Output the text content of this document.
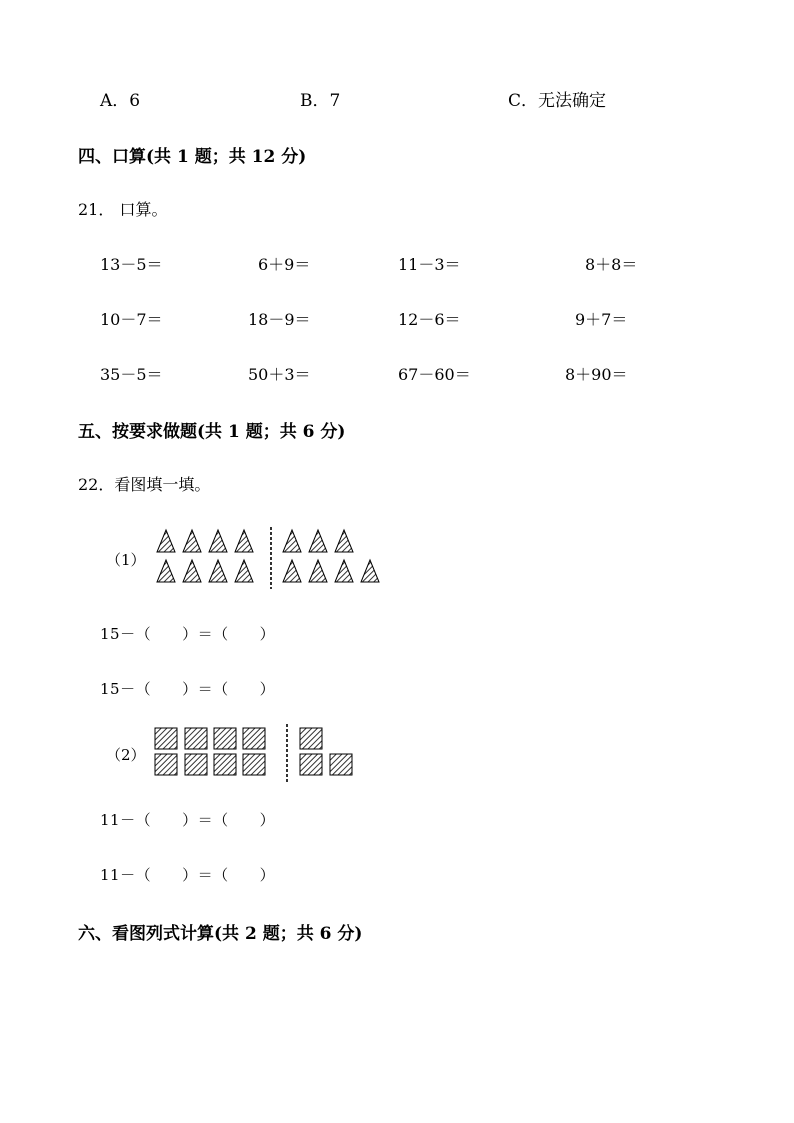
A．6	B．7	C．无法确定
四、口算(共 1 题；共 12 分)
21． 口算。
13－5＝	6＋9＝	11－3＝	8＋8＝
10－7＝	18－9＝	12－6＝	9＋7＝
35－5＝	50＋3＝	67－60＝	8＋90＝
五、按要求做题(共 1 题；共 6 分)
22．看图填一填。
（1）
15－（　　）＝（　　）
15－（　　）＝（　　）
（2）
11－（　　）＝（　　）
11－（　　）＝（　　）
六、看图列式计算(共 2 题；共 6 分)
